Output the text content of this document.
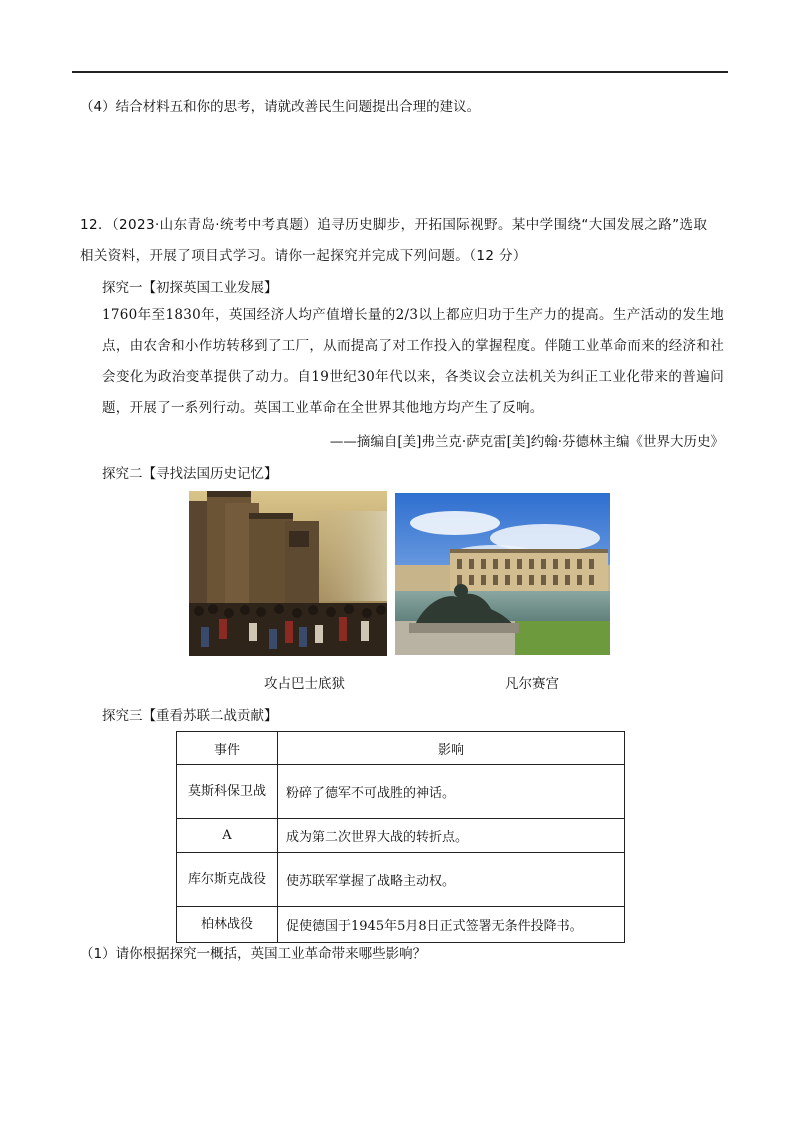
（4）结合材料五和你的思考，请就改善民生问题提出合理的建议。
12．（2023·山东青岛·统考中考真题）追寻历史脚步，开拓国际视野。某中学围绕“大国发展之路”选取
相关资料，开展了项目式学习。请你一起探究并完成下列问题。（12 分）
探究一【初探英国工业发展】
1760年至1830年，英国经济人均产值增长量的2/3以上都应归功于生产力的提高。生产活动的发生地点，由农舍和小作坊转移到了工厂，从而提高了对工作投入的掌握程度。伴随工业革命而来的经济和社会变化为政治变革提供了动力。自19世纪30年代以来，各类议会立法机关为纠正工业化带来的普遍问题，开展了一系列行动。英国工业革命在全世界其他地方均产生了反响。
——摘编自[美]弗兰克·萨克雷[美]约翰·芬德林主编《世界大历史》
探究二【寻找法国历史记忆】
攻占巴士底狱	凡尔赛宫
探究三【重看苏联二战贡献】
事件	影响
莫斯科保卫战	粉碎了德军不可战胜的神话。
A	成为第二次世界大战的转折点。
库尔斯克战役	使苏联军掌握了战略主动权。
柏林战役	促使德国于1945年5月8日正式签署无条件投降书。
（1）请你根据探究一概括，英国工业革命带来哪些影响？
